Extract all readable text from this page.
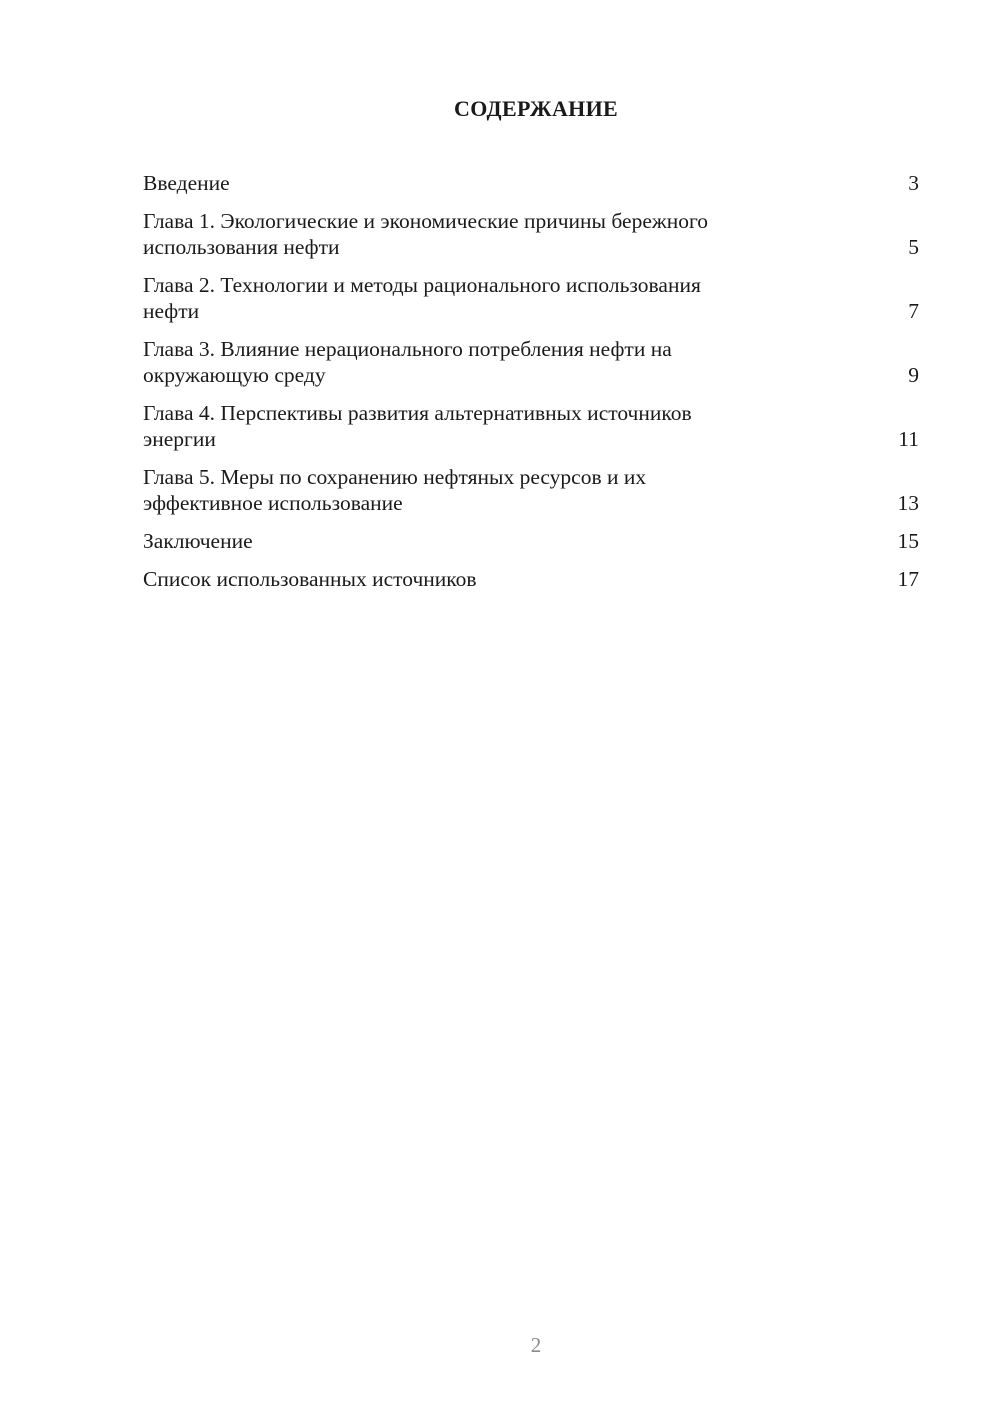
СОДЕРЖАНИЕ
Введение	3
Глава 1. Экологические и экономические причины бережного
использования нефти	5
Глава 2. Технологии и методы рационального использования
нефти	7
Глава 3. Влияние нерационального потребления нефти на
окружающую среду	9
Глава 4. Перспективы развития альтернативных источников
энергии	11
Глава 5. Меры по сохранению нефтяных ресурсов и их
эффективное использование	13
Заключение	15
Список использованных источников	17
2
